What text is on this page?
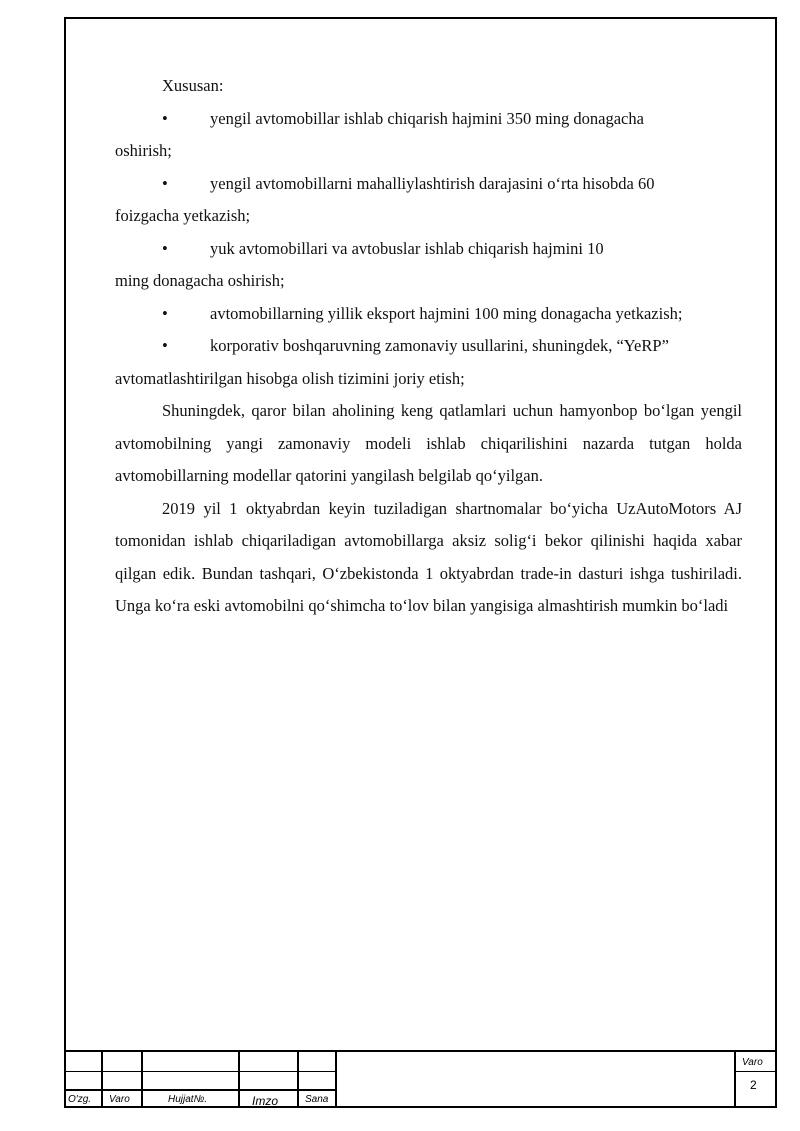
Xususan:

•yengil avtomobillar ishlab chiqarish hajmini 350 ming donagacha
oshirish;

•yengil avtomobillarni mahalliylashtirish darajasini o‘rta hisobda 60
foizgacha yetkazish;

•yuk avtomobillari va avtobuslar ishlab chiqarish hajmini 10
ming donagacha oshirish;

•avtomobillarning yillik eksport hajmini 100 ming donagacha yetkazish;

•korporativ boshqaruvning zamonaviy usullarini, shuningdek, “YeRP”
avtomatlashtirilgan hisobga olish tizimini joriy etish;

Shuningdek, qaror bilan aholining keng qatlamlari uchun hamyonbop bo‘lgan yengil avtomobilning yangi zamonaviy modeli ishlab chiqarilishini nazarda tutgan holda avtomobillarning modellar qatorini yangilash belgilab qo‘yilgan.

2019 yil 1 oktyabrdan keyin tuziladigan shartnomalar bo‘yicha UzAutoMotors AJ tomonidan ishlab chiqariladigan avtomobillarga aksiz solig‘i bekor qilinishi haqida xabar qilgan edik. Bundan tashqari, O‘zbekistonda 1 oktyabrdan trade-in dasturi ishga tushiriladi. Unga ko‘ra eski avtomobilni qo‘shimcha to‘lov bilan yangisiga almashtirish mumkin bo‘ladi

O'zg. Varo	Hujjat№.	Imzo	Sana
Varo
2
